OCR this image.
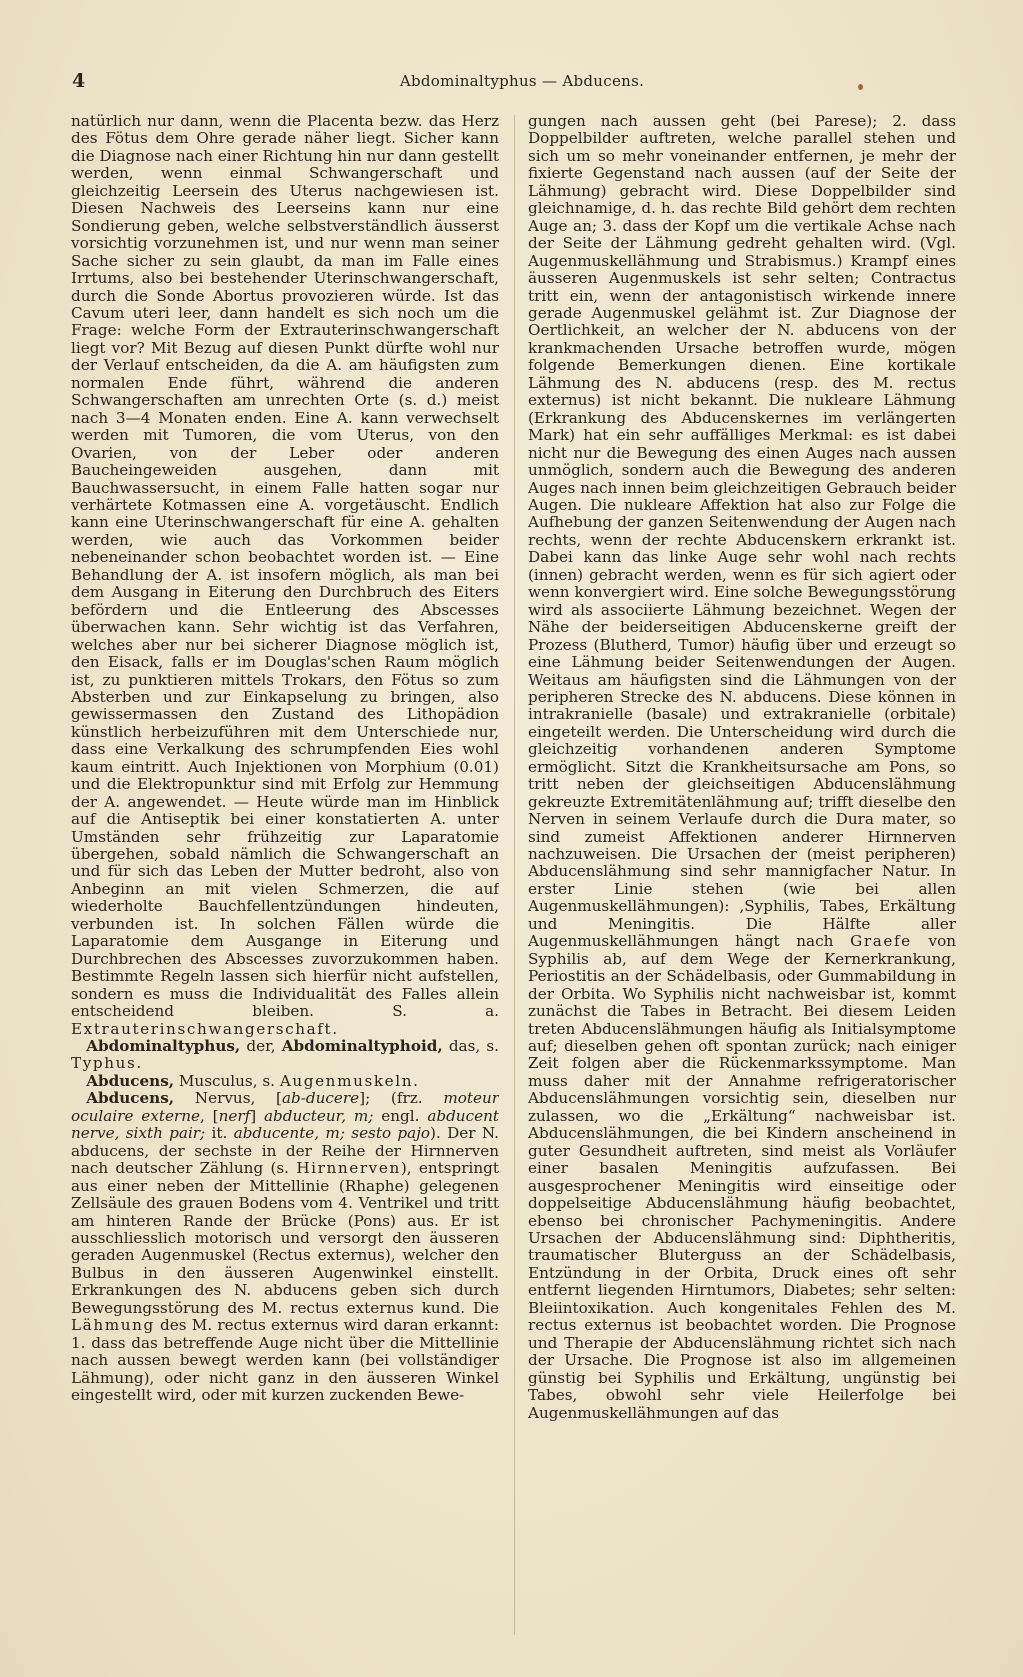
4	Abdominaltyphus — Abducens.

natürlich nur dann, wenn die Placenta bezw. das Herz des Fötus dem Ohre gerade näher liegt. Sicher kann die Diagnose nach einer Richtung hin nur dann gestellt werden, wenn einmal Schwangerschaft und gleichzeitig Leersein des Uterus nachgewiesen ist. Diesen Nachweis des Leerseins kann nur eine Sondierung geben, welche selbstverständlich äusserst vorsichtig vorzunehmen ist, und nur wenn man seiner Sache sicher zu sein glaubt, da man im Falle eines Irrtums, also bei bestehender Uterinschwangerschaft, durch die Sonde Abortus provozieren würde. Ist das Cavum uteri leer, dann handelt es sich noch um die Frage: welche Form der Extrauterinschwangerschaft liegt vor? Mit Bezug auf diesen Punkt dürfte wohl nur der Verlauf entscheiden, da die A. am häufigsten zum normalen Ende führt, während die anderen Schwangerschaften am unrechten Orte (s. d.) meist nach 3—4 Monaten enden. Eine A. kann verwechselt werden mit Tumoren, die vom Uterus, von den Ovarien, von der Leber oder anderen Baucheingeweiden ausgehen, dann mit Bauchwassersucht, in einem Falle hatten sogar nur verhärtete Kotmassen eine A. vorgetäuscht. Endlich kann eine Uterinschwangerschaft für eine A. gehalten werden, wie auch das Vorkommen beider nebeneinander schon beobachtet worden ist. — Eine Behandlung der A. ist insofern möglich, als man bei dem Ausgang in Eiterung den Durchbruch des Eiters befördern und die Entleerung des Abscesses überwachen kann. Sehr wichtig ist das Verfahren, welches aber nur bei sicherer Diagnose möglich ist, den Eisack, falls er im Douglas'schen Raum möglich ist, zu punktieren mittels Trokars, den Fötus so zum Absterben und zur Einkapselung zu bringen, also gewissermassen den Zustand des Lithopädion künstlich herbeizuführen mit dem Unterschiede nur, dass eine Verkalkung des schrumpfenden Eies wohl kaum eintritt. Auch Injektionen von Morphium (0.01) und die Elektropunktur sind mit Erfolg zur Hemmung der A. angewendet. — Heute würde man im Hinblick auf die Antiseptik bei einer konstatierten A. unter Umständen sehr frühzeitig zur Laparatomie übergehen, sobald nämlich die Schwangerschaft an und für sich das Leben der Mutter bedroht, also von Anbeginn an mit vielen Schmerzen, die auf wiederholte Bauchfellentzündungen hindeuten, verbunden ist. In solchen Fällen würde die Laparatomie dem Ausgange in Eiterung und Durchbrechen des Abscesses zuvorzukommen haben. Bestimmte Regeln lassen sich hierfür nicht aufstellen, sondern es muss die Individualität des Falles allein entscheidend bleiben. S. a. Extrauterinschwangerschaft.

Abdominaltyphus, der, Abdominaltyphoid, das, s. Typhus.

Abducens, Musculus, s. Augenmuskeln.

Abducens, Nervus, [ab-ducere]; (frz. moteur oculaire externe, [nerf] abducteur, m; engl. abducent nerve, sixth pair; it. abducente, m; sesto pajo). Der N. abducens, der sechste in der Reihe der Hirnnerven nach deutscher Zählung (s. Hirnnerven), entspringt aus einer neben der Mittellinie (Rhaphe) gelegenen Zellsäule des grauen Bodens vom 4. Ventrikel und tritt am hinteren Rande der Brücke (Pons) aus. Er ist ausschliesslich motorisch und versorgt den äusseren geraden Augenmuskel (Rectus externus), welcher den Bulbus in den äusseren Augenwinkel einstellt. Erkrankungen des N. abducens geben sich durch Bewegungsstörung des M. rectus externus kund. Die Lähmung des M. rectus externus wird daran erkannt: 1. dass das betreffende Auge nicht über die Mittellinie nach aussen bewegt werden kann (bei vollständiger Lähmung), oder nicht ganz in den äusseren Winkel eingestellt wird, oder mit kurzen zuckenden Bewe-

gungen nach aussen geht (bei Parese); 2. dass Doppelbilder auftreten, welche parallel stehen und sich um so mehr voneinander entfernen, je mehr der fixierte Gegenstand nach aussen (auf der Seite der Lähmung) gebracht wird. Diese Doppelbilder sind gleichnamige, d. h. das rechte Bild gehört dem rechten Auge an; 3. dass der Kopf um die vertikale Achse nach der Seite der Lähmung gedreht gehalten wird. (Vgl. Augenmuskellähmung und Strabismus.) Krampf eines äusseren Augenmuskels ist sehr selten; Contractus tritt ein, wenn der antagonistisch wirkende innere gerade Augenmuskel gelähmt ist. Zur Diagnose der Oertlichkeit, an welcher der N. abducens von der krankmachenden Ursache betroffen wurde, mögen folgende Bemerkungen dienen. Eine kortikale Lähmung des N. abducens (resp. des M. rectus externus) ist nicht bekannt. Die nukleare Lähmung (Erkrankung des Abducenskernes im verlängerten Mark) hat ein sehr auffälliges Merkmal: es ist dabei nicht nur die Bewegung des einen Auges nach aussen unmöglich, sondern auch die Bewegung des anderen Auges nach innen beim gleichzeitigen Gebrauch beider Augen. Die nukleare Affektion hat also zur Folge die Aufhebung der ganzen Seitenwendung der Augen nach rechts, wenn der rechte Abducenskern erkrankt ist. Dabei kann das linke Auge sehr wohl nach rechts (innen) gebracht werden, wenn es für sich agiert oder wenn konvergiert wird. Eine solche Bewegungsstörung wird als associierte Lähmung bezeichnet. Wegen der Nähe der beiderseitigen Abducenskerne greift der Prozess (Blutherd, Tumor) häufig über und erzeugt so eine Lähmung beider Seitenwendungen der Augen. Weitaus am häufigsten sind die Lähmungen von der peripheren Strecke des N. abducens. Diese können in intrakranielle (basale) und extrakranielle (orbitale) eingeteilt werden. Die Unterscheidung wird durch die gleichzeitig vorhandenen anderen Symptome ermöglicht. Sitzt die Krankheitsursache am Pons, so tritt neben der gleichseitigen Abducenslähmung gekreuzte Extremitätenlähmung auf; trifft dieselbe den Nerven in seinem Verlaufe durch die Dura mater, so sind zumeist Affektionen anderer Hirnnerven nachzuweisen. Die Ursachen der (meist peripheren) Abducenslähmung sind sehr mannigfacher Natur. In erster Linie stehen (wie bei allen Augenmuskellähmungen): ‚Syphilis, Tabes, Erkältung und Meningitis. Die Hälfte aller Augenmuskellähmungen hängt nach Graefe von Syphilis ab, auf dem Wege der Kernerkrankung, Periostitis an der Schädelbasis, oder Gummabildung in der Orbita. Wo Syphilis nicht nachweisbar ist, kommt zunächst die Tabes in Betracht. Bei diesem Leiden treten Abducenslähmungen häufig als Initialsymptome auf; dieselben gehen oft spontan zurück; nach einiger Zeit folgen aber die Rückenmarkssymptome. Man muss daher mit der Annahme refrigeratorischer Abducenslähmungen vorsichtig sein, dieselben nur zulassen, wo die „Erkältung“ nachweisbar ist. Abducenslähmungen, die bei Kindern anscheinend in guter Gesundheit auftreten, sind meist als Vorläufer einer basalen Meningitis aufzufassen. Bei ausgesprochener Meningitis wird einseitige oder doppelseitige Abducenslähmung häufig beobachtet, ebenso bei chronischer Pachymeningitis. Andere Ursachen der Abducenslähmung sind: Diphtheritis, traumatischer Bluterguss an der Schädelbasis, Entzündung in der Orbita, Druck eines oft sehr entfernt liegenden Hirntumors, Diabetes; sehr selten: Bleiintoxikation. Auch kongenitales Fehlen des M. rectus externus ist beobachtet worden. Die Prognose und Therapie der Abducenslähmung richtet sich nach der Ursache. Die Prognose ist also im allgemeinen günstig bei Syphilis und Erkältung, ungünstig bei Tabes, obwohl sehr viele Heilerfolge bei Augenmuskellähmungen auf das
